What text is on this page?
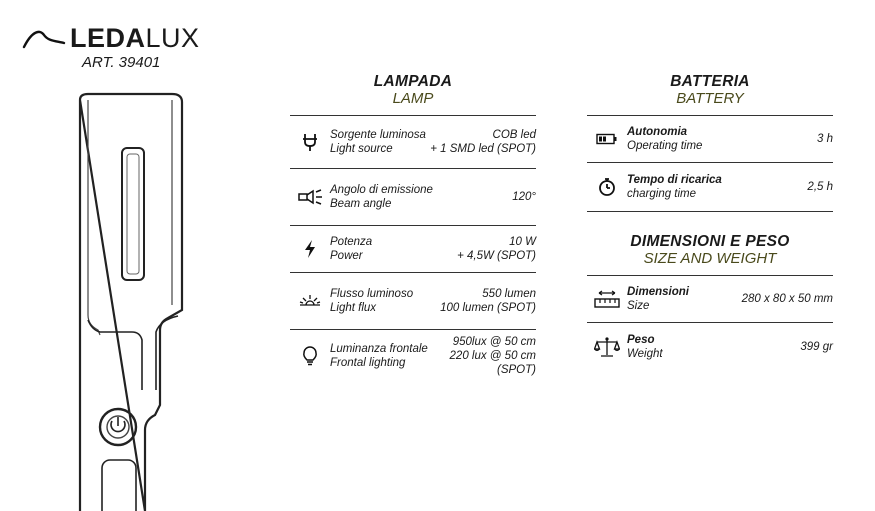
LEDALUX
ART. 39401
LAMPADA
LAMP
Sorgente luminosa
Light source
COB led
+ 1 SMD led (SPOT)
Angolo di emissione
Beam angle
120°
Potenza
Power
10 W
+ 4,5W (SPOT)
Flusso luminoso
Light flux
550 lumen
100 lumen (SPOT)
Luminanza frontale
Frontal lighting
950lux @ 50 cm
220 lux @ 50 cm
(SPOT)
BATTERIA
BATTERY
Autonomia
Operating time
3 h
Tempo di ricarica
charging time
2,5 h
DIMENSIONI E PESO
SIZE AND WEIGHT
Dimensioni
Size
280 x 80 x 50 mm
Peso
Weight
399 gr
